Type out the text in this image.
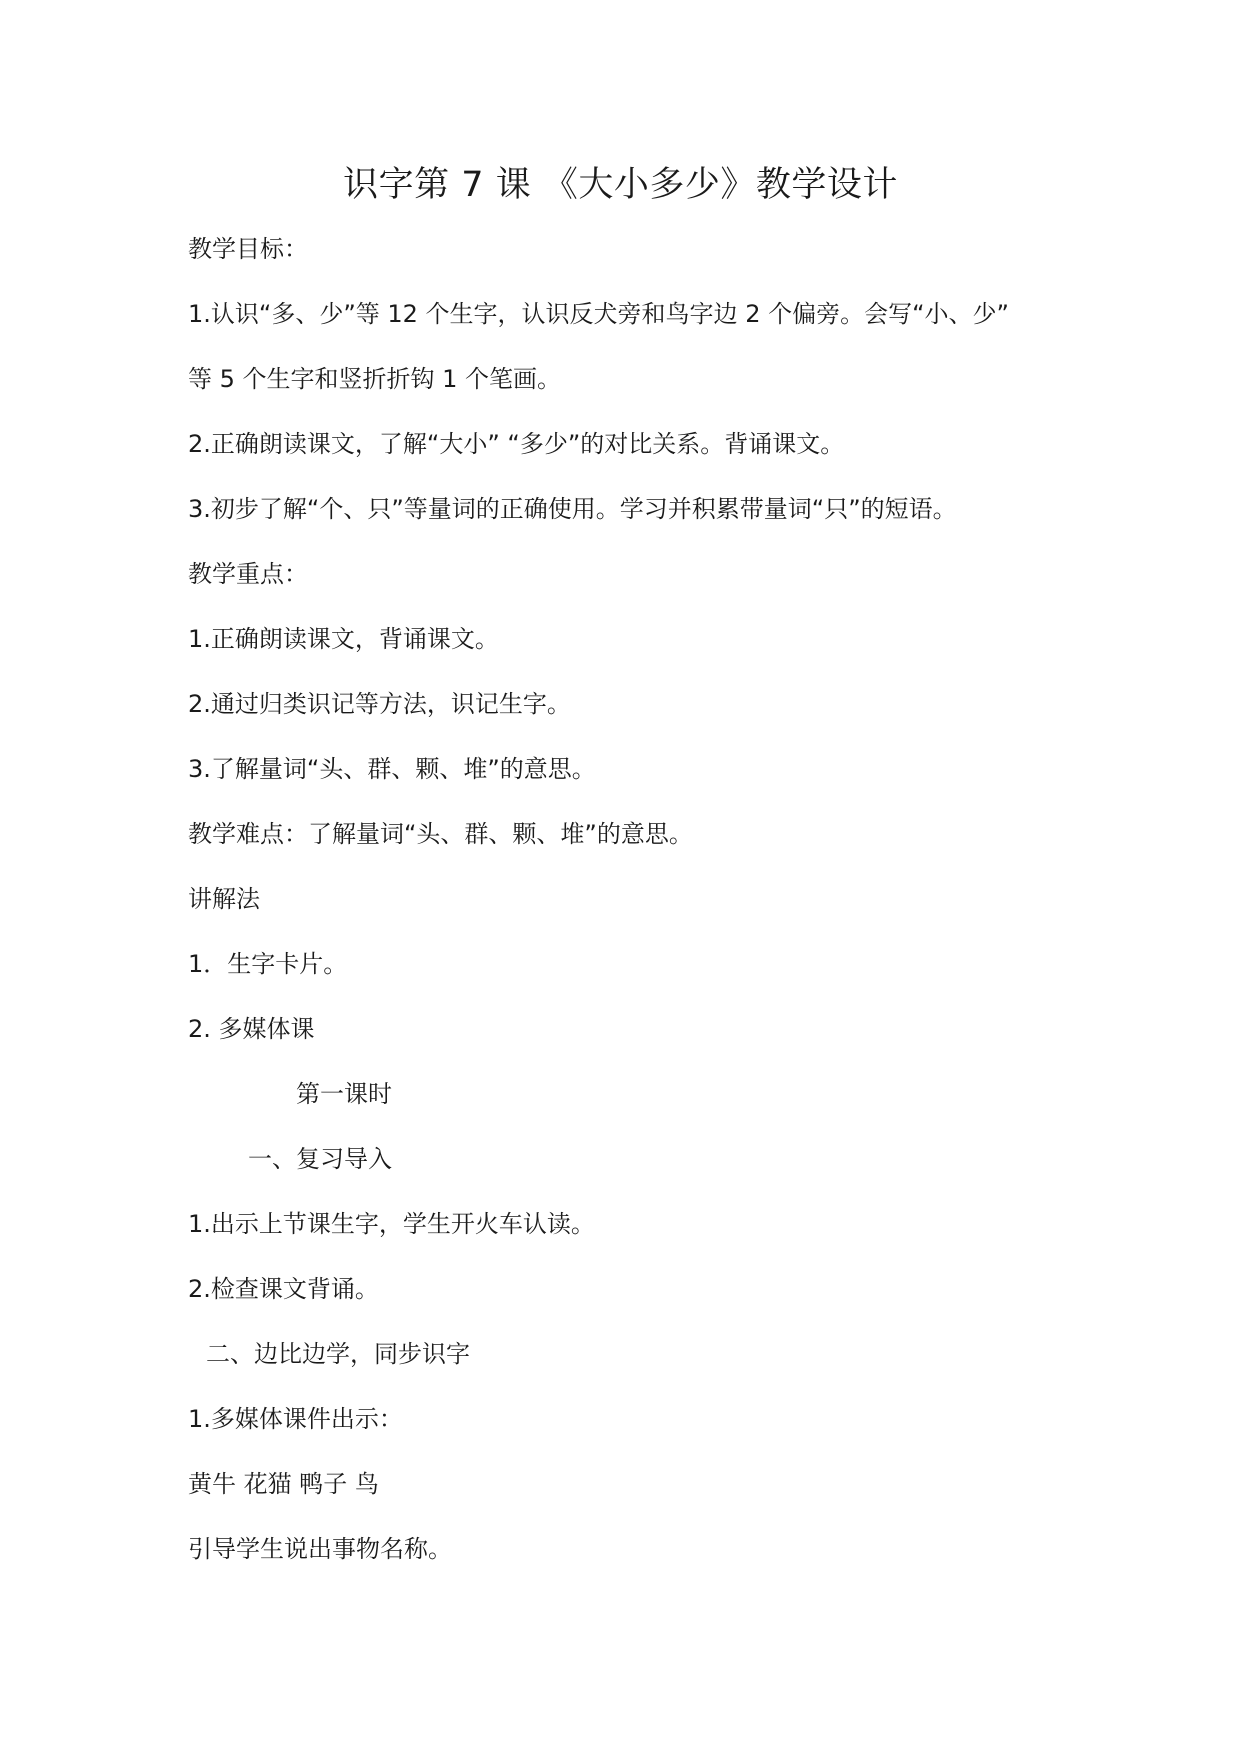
识字第 7 课 《大小多少》教学设计
教学目标：
1.认识“多、少”等 12 个生字，认识反犬旁和鸟字边 2 个偏旁。会写“小、少”
等 5 个生字和竖折折钩 1 个笔画。
2.正确朗读课文，了解“大小” “多少”的对比关系。背诵课文。
3.初步了解“个、只”等量词的正确使用。学习并积累带量词“只”的短语。
教学重点：
1.正确朗读课文，背诵课文。
2.通过归类识记等方法，识记生字。
3.了解量词“头、群、颗、堆”的意思。
教学难点：了解量词“头、群、颗、堆”的意思。
讲解法
1．生字卡片。
2. 多媒体课
第一课时
一、复习导入
1.出示上节课生字，学生开火车认读。
2.检查课文背诵。
二、边比边学，同步识字
1.多媒体课件出示：
黄牛 花猫 鸭子 鸟
引导学生说出事物名称。
